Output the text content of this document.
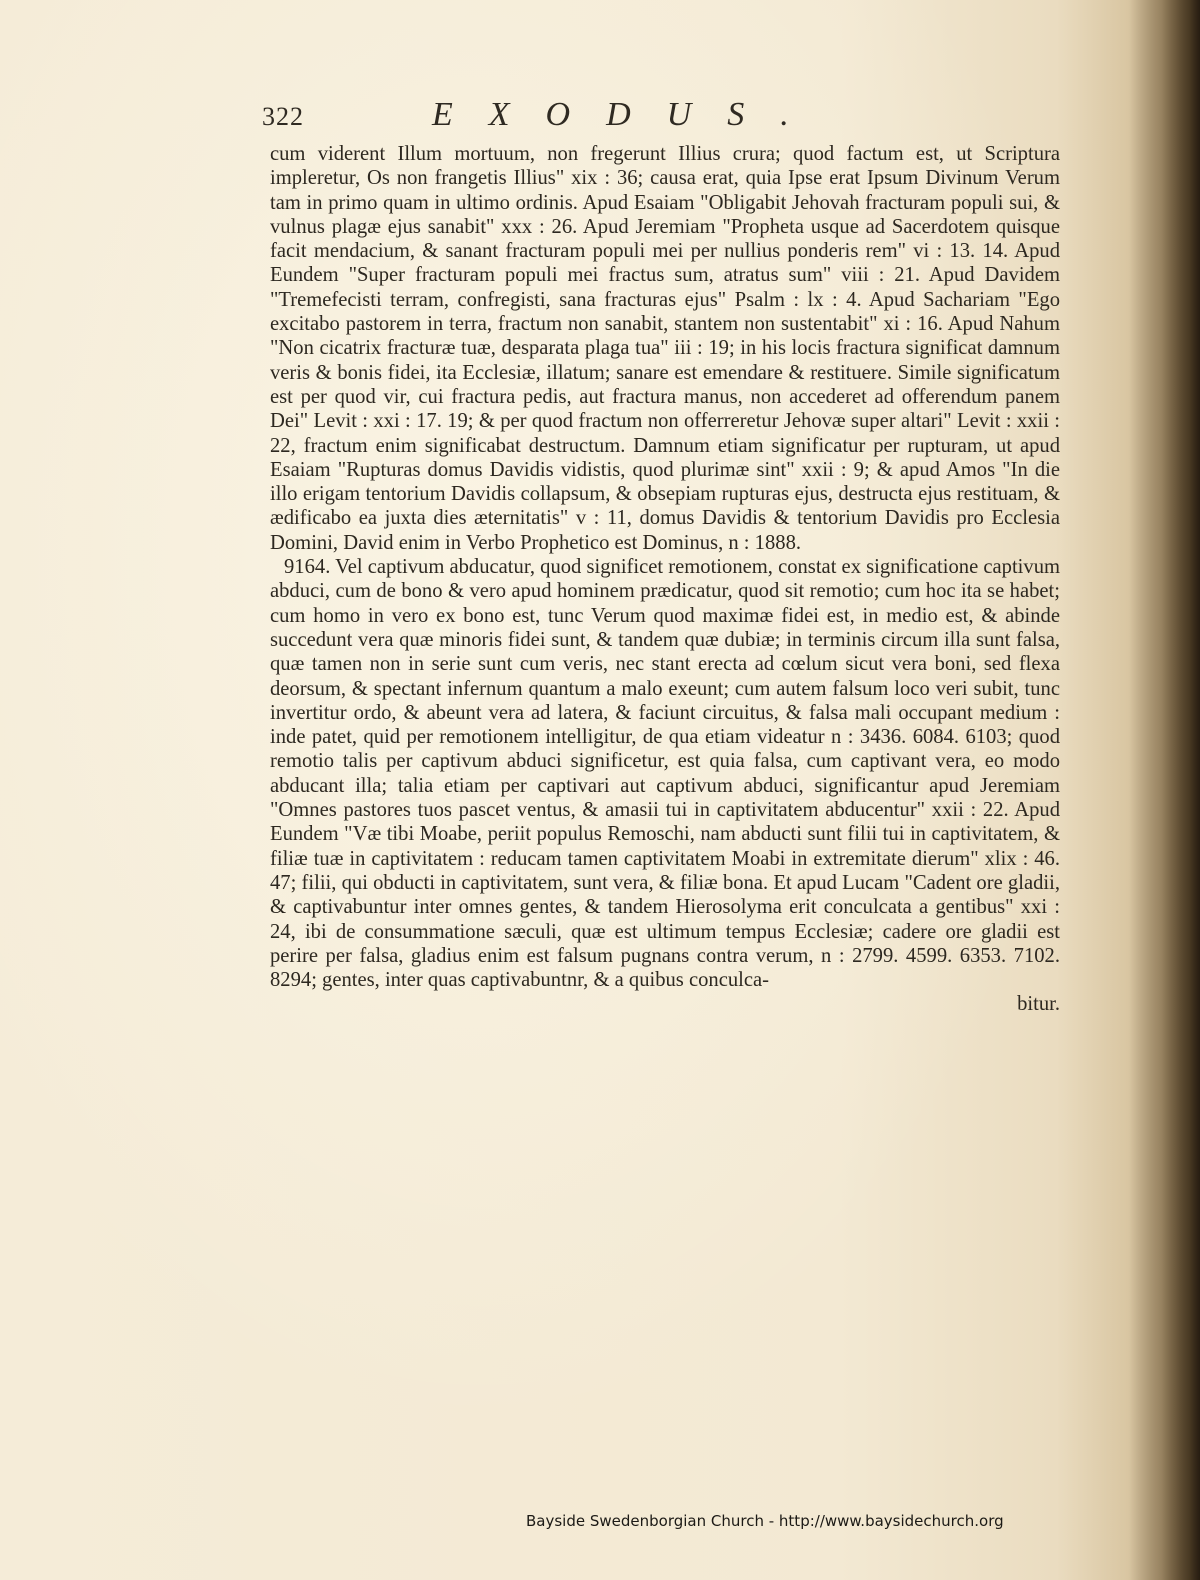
322	EXODUS.

cum viderent Illum mortuum, non fregerunt Illius crura; quod factum est, ut Scriptura impleretur, Os non frangetis Illius" xix : 36; causa erat, quia Ipse erat Ipsum Divinum Verum tam in primo quam in ultimo ordinis. Apud Esaiam "Obligabit Jehovah fracturam populi sui, & vulnus plagæ ejus sanabit" xxx : 26. Apud Jeremiam "Propheta usque ad Sacerdotem quisque facit mendacium, & sanant fracturam populi mei per nullius ponderis rem" vi : 13. 14. Apud Eundem "Super fracturam populi mei fractus sum, atratus sum" viii : 21. Apud Davidem "Tremefecisti terram, confregisti, sana fracturas ejus" Psalm : lx : 4. Apud Sachariam "Ego excitabo pastorem in terra, fractum non sanabit, stantem non sustentabit" xi : 16. Apud Nahum "Non cicatrix fracturæ tuæ, desparata plaga tua" iii : 19; in his locis fractura significat damnum veris & bonis fidei, ita Ecclesiæ, illatum; sanare est emendare & restituere. Simile significatum est per quod vir, cui fractura pedis, aut fractura manus, non accederet ad offerendum panem Dei" Levit : xxi : 17. 19; & per quod fractum non offerreretur Jehovæ super altari" Levit : xxii : 22, fractum enim significabat destructum. Damnum etiam significatur per rupturam, ut apud Esaiam "Rupturas domus Davidis vidistis, quod plurimæ sint" xxii : 9; & apud Amos "In die illo erigam tentorium Davidis collapsum, & obsepiam rupturas ejus, destructa ejus restituam, & ædificabo ea juxta dies æternitatis" v : 11, domus Davidis & tentorium Davidis pro Ecclesia Domini, David enim in Verbo Prophetico est Dominus, n : 1888.

9164. Vel captivum abducatur, quod significet remotionem, constat ex significatione captivum abduci, cum de bono & vero apud hominem prædicatur, quod sit remotio; cum hoc ita se habet; cum homo in vero ex bono est, tunc Verum quod maximæ fidei est, in medio est, & abinde succedunt vera quæ minoris fidei sunt, & tandem quæ dubiæ; in terminis circum illa sunt falsa, quæ tamen non in serie sunt cum veris, nec stant erecta ad cœlum sicut vera boni, sed flexa deorsum, & spectant infernum quantum a malo exeunt; cum autem falsum loco veri subit, tunc invertitur ordo, & abeunt vera ad latera, & faciunt circuitus, & falsa mali occupant medium : inde patet, quid per remotionem intelligitur, de qua etiam videatur n : 3436. 6084. 6103; quod remotio talis per captivum abduci significetur, est quia falsa, cum captivant vera, eo modo abducant illa; talia etiam per captivari aut captivum abduci, significantur apud Jeremiam "Omnes pastores tuos pascet ventus, & amasii tui in captivitatem abducentur" xxii : 22. Apud Eundem "Væ tibi Moabe, periit populus Remoschi, nam abducti sunt filii tui in captivitatem, & filiæ tuæ in captivitatem : reducam tamen captivitatem Moabi in extremitate dierum" xlix : 46. 47; filii, qui obducti in captivitatem, sunt vera, & filiæ bona. Et apud Lucam "Cadent ore gladii, & captivabuntur inter omnes gentes, & tandem Hierosolyma erit conculcata a gentibus" xxi : 24, ibi de consummatione sæculi, quæ est ultimum tempus Ecclesiæ; cadere ore gladii est perire per falsa, gladius enim est falsum pugnans contra verum, n : 2799. 4599. 6353. 7102. 8294; gentes, inter quas captivabuntnr, & a quibus conculca-

bitur.

Bayside Swedenborgian Church - http://www.baysidechurch.org
